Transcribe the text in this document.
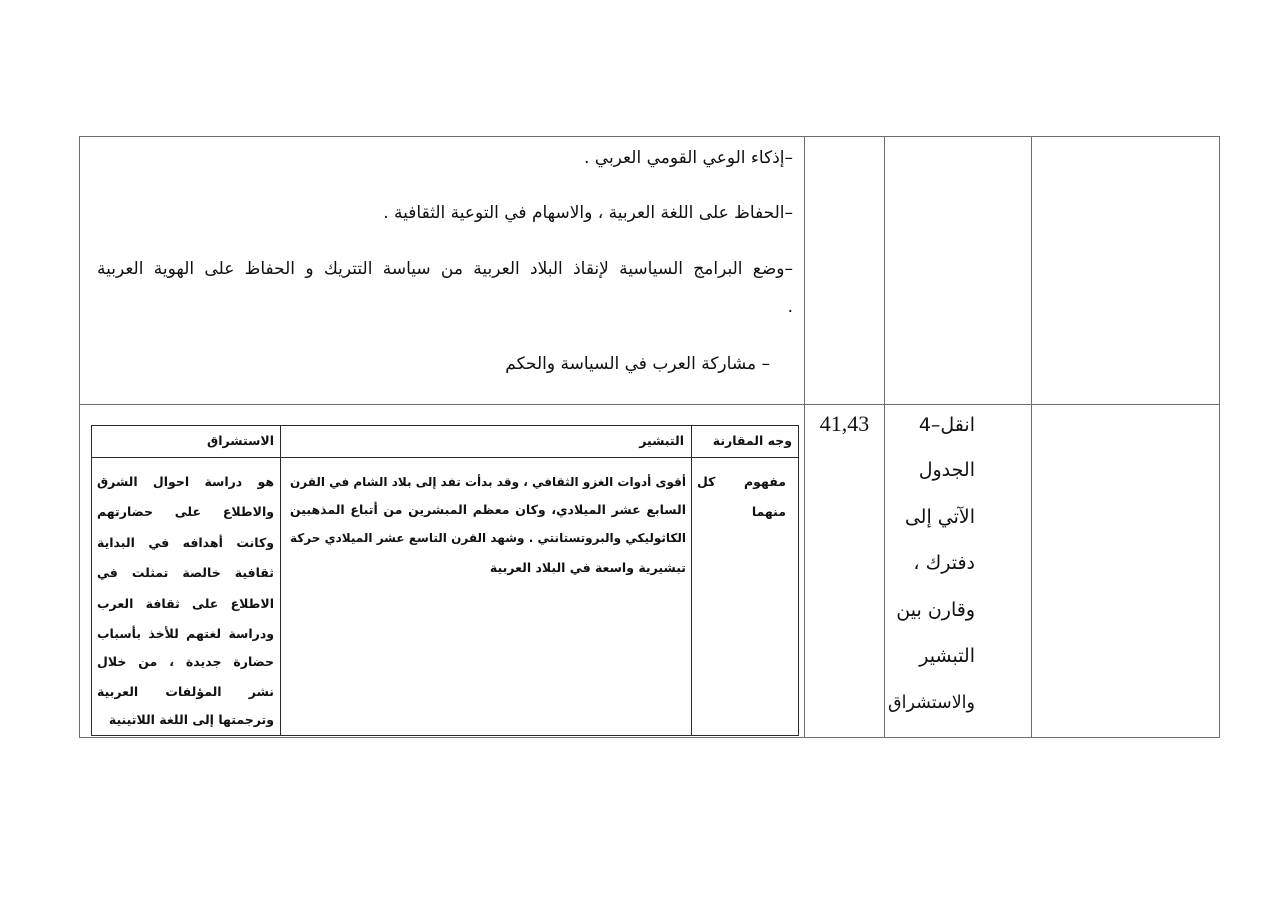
–إذكاء الوعي القومي العربي .
–الحفاظ على اللغة العربية ، والاسهام في التوعية الثقافية .
–وضع البرامج السياسية لإنقاذ البلاد العربية من سياسة التتريك و الحفاظ على الهوية العربية
.
– مشاركة العرب في السياسة والحكم
4–انقل
الجدول
الآتي إلى
دفترك ،
وقارن بين
التبشير
والاستشراق
41,43
وجه المقارنة
التبشير
الاستشراق
مفهوم كل
منهما
أقوى أدوات الغزو الثقافي ، وقد بدأت تفد إلى بلاد الشام في القرن
السابع عشر الميلادي، وكان معظم المبشرين من أتباع المذهبين
الكاثوليكي والبروتستانتي . وشهد القرن التاسع عشر الميلادي حركة
تبشيرية واسعة في البلاد العربية
هو دراسة احوال الشرق
والاطلاع على حضارتهم
وكانت أهدافه في البداية
ثقافية خالصة تمثلت في
الاطلاع على ثقافة العرب
ودراسة لغتهم للأخذ بأسباب
حضارة جديدة ، من خلال
نشر المؤلفات العربية
وترجمتها إلى اللغة اللاتينية
